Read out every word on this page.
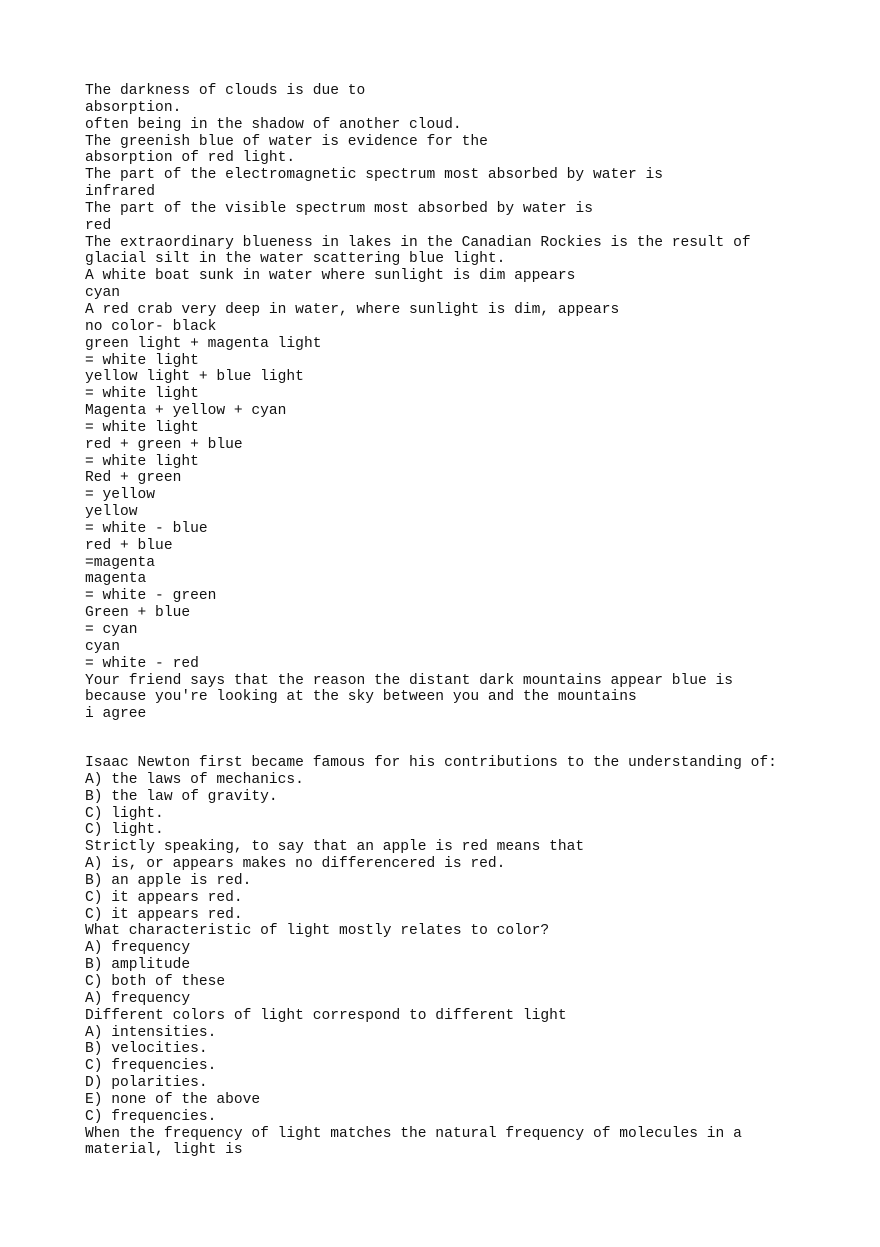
The darkness of clouds is due to
absorption.
often being in the shadow of another cloud.
The greenish blue of water is evidence for the
absorption of red light.
The part of the electromagnetic spectrum most absorbed by water is
infrared
The part of the visible spectrum most absorbed by water is
red
The extraordinary blueness in lakes in the Canadian Rockies is the result of
glacial silt in the water scattering blue light.
A white boat sunk in water where sunlight is dim appears
cyan
A red crab very deep in water, where sunlight is dim, appears
no color- black
green light + magenta light
= white light
yellow light + blue light
= white light
Magenta + yellow + cyan
= white light
red + green + blue
= white light
Red + green
= yellow
yellow
= white - blue
red + blue
=magenta
magenta
= white - green
Green + blue
= cyan
cyan
= white - red
Your friend says that the reason the distant dark mountains appear blue is
because you're looking at the sky between you and the mountains
i agree
Isaac Newton first became famous for his contributions to the understanding of:
A) the laws of mechanics.
B) the law of gravity.
C) light.
C) light.
Strictly speaking, to say that an apple is red means that
A) is, or appears makes no differencered is red.
B) an apple is red.
C) it appears red.
C) it appears red.
What characteristic of light mostly relates to color?
A) frequency
B) amplitude
C) both of these
A) frequency
Different colors of light correspond to different light
A) intensities.
B) velocities.
C) frequencies.
D) polarities.
E) none of the above
C) frequencies.
When the frequency of light matches the natural frequency of molecules in a
material, light is
